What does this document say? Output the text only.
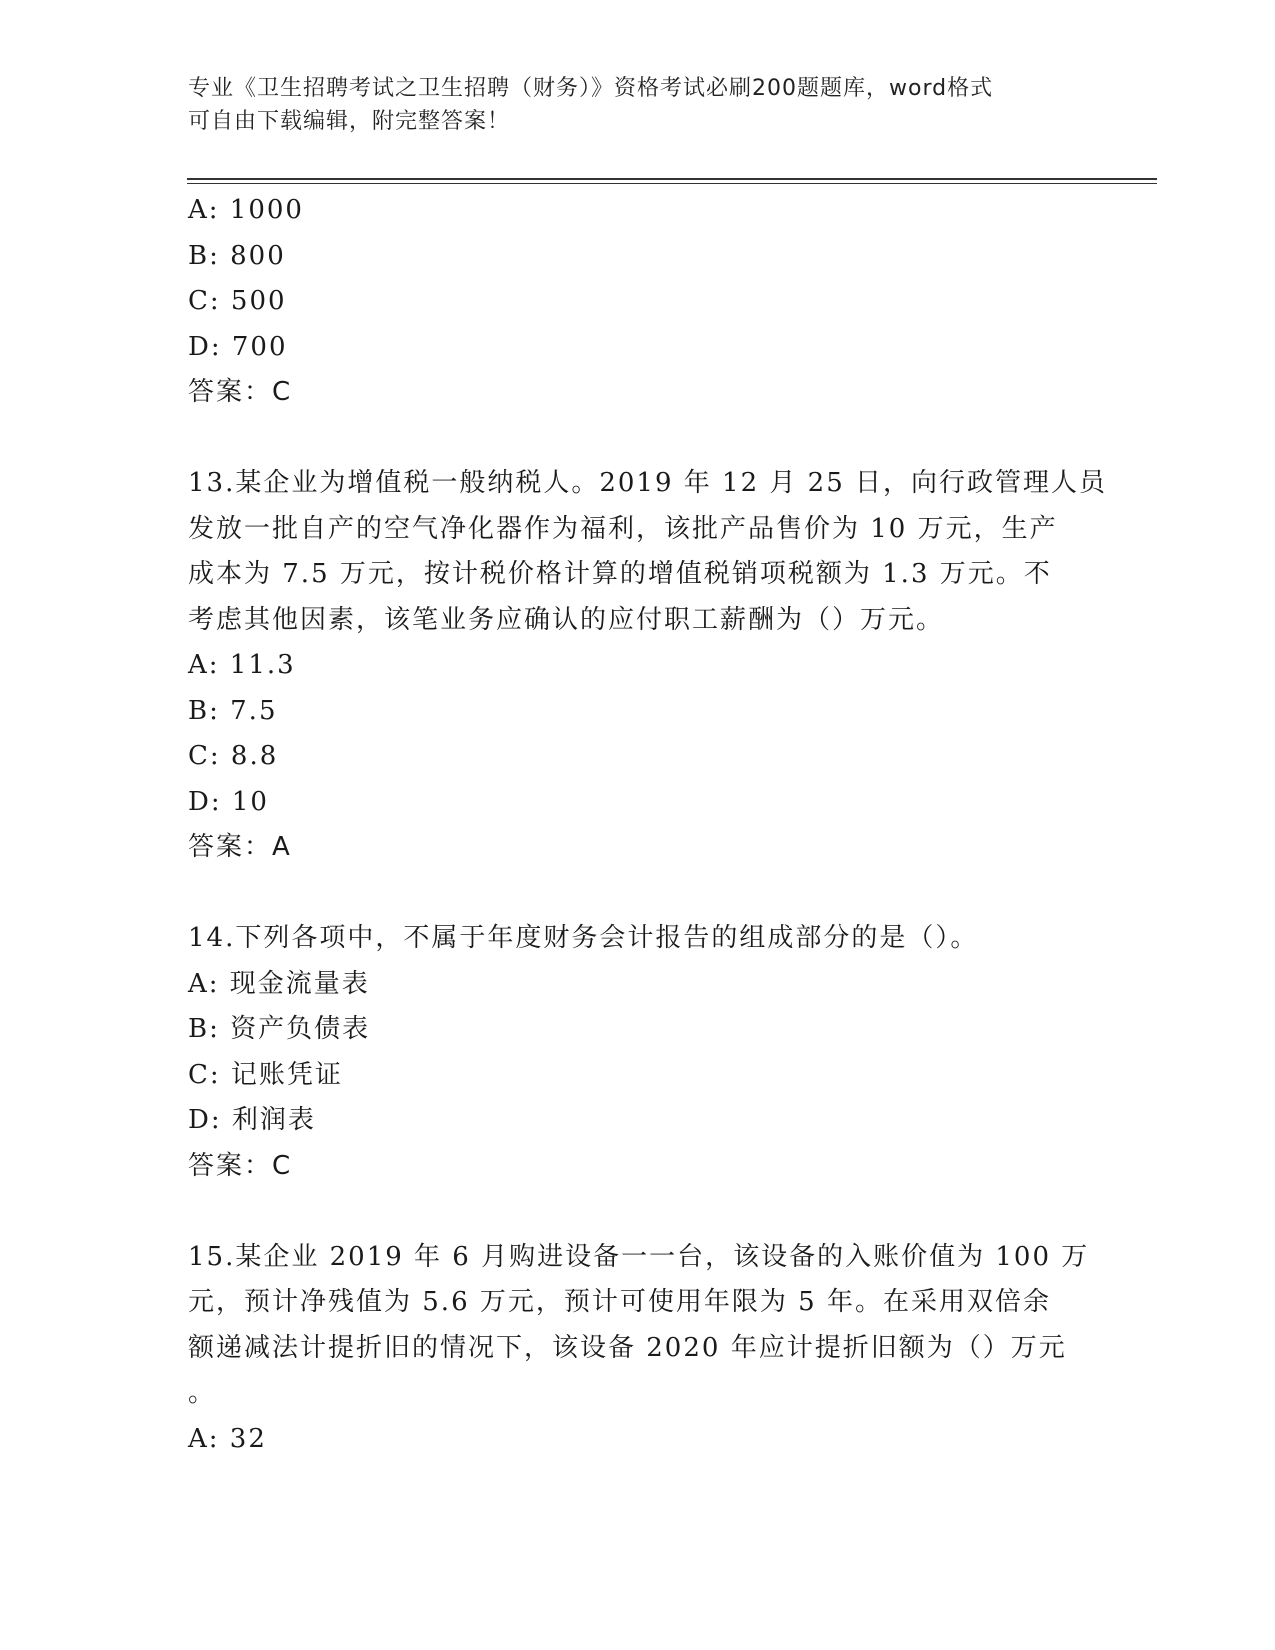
专业《卫生招聘考试之卫生招聘（财务）》资格考试必刷200题题库，word格式
可自由下载编辑，附完整答案！
A: 1000
B: 800
C: 500
D: 700
答案：C
13.某企业为增值税一般纳税人。2019 年 12 月 25 日，向行政管理人员
发放一批自产的空气净化器作为福利，该批产品售价为 10 万元，生产
成本为 7.5 万元，按计税价格计算的增值税销项税额为 1.3 万元。不
考虑其他因素，该笔业务应确认的应付职工薪酬为（）万元。
A: 11.3
B: 7.5
C: 8.8
D: 10
答案：A
14.下列各项中，不属于年度财务会计报告的组成部分的是（）。
A: 现金流量表
B: 资产负债表
C: 记账凭证
D: 利润表
答案：C
15.某企业 2019 年 6 月购进设备一一台，该设备的入账价值为 100 万
元，预计净残值为 5.6 万元，预计可使用年限为 5 年。在采用双倍余
额递减法计提折旧的情况下，该设备 2020 年应计提折旧额为（）万元
。
A: 32
